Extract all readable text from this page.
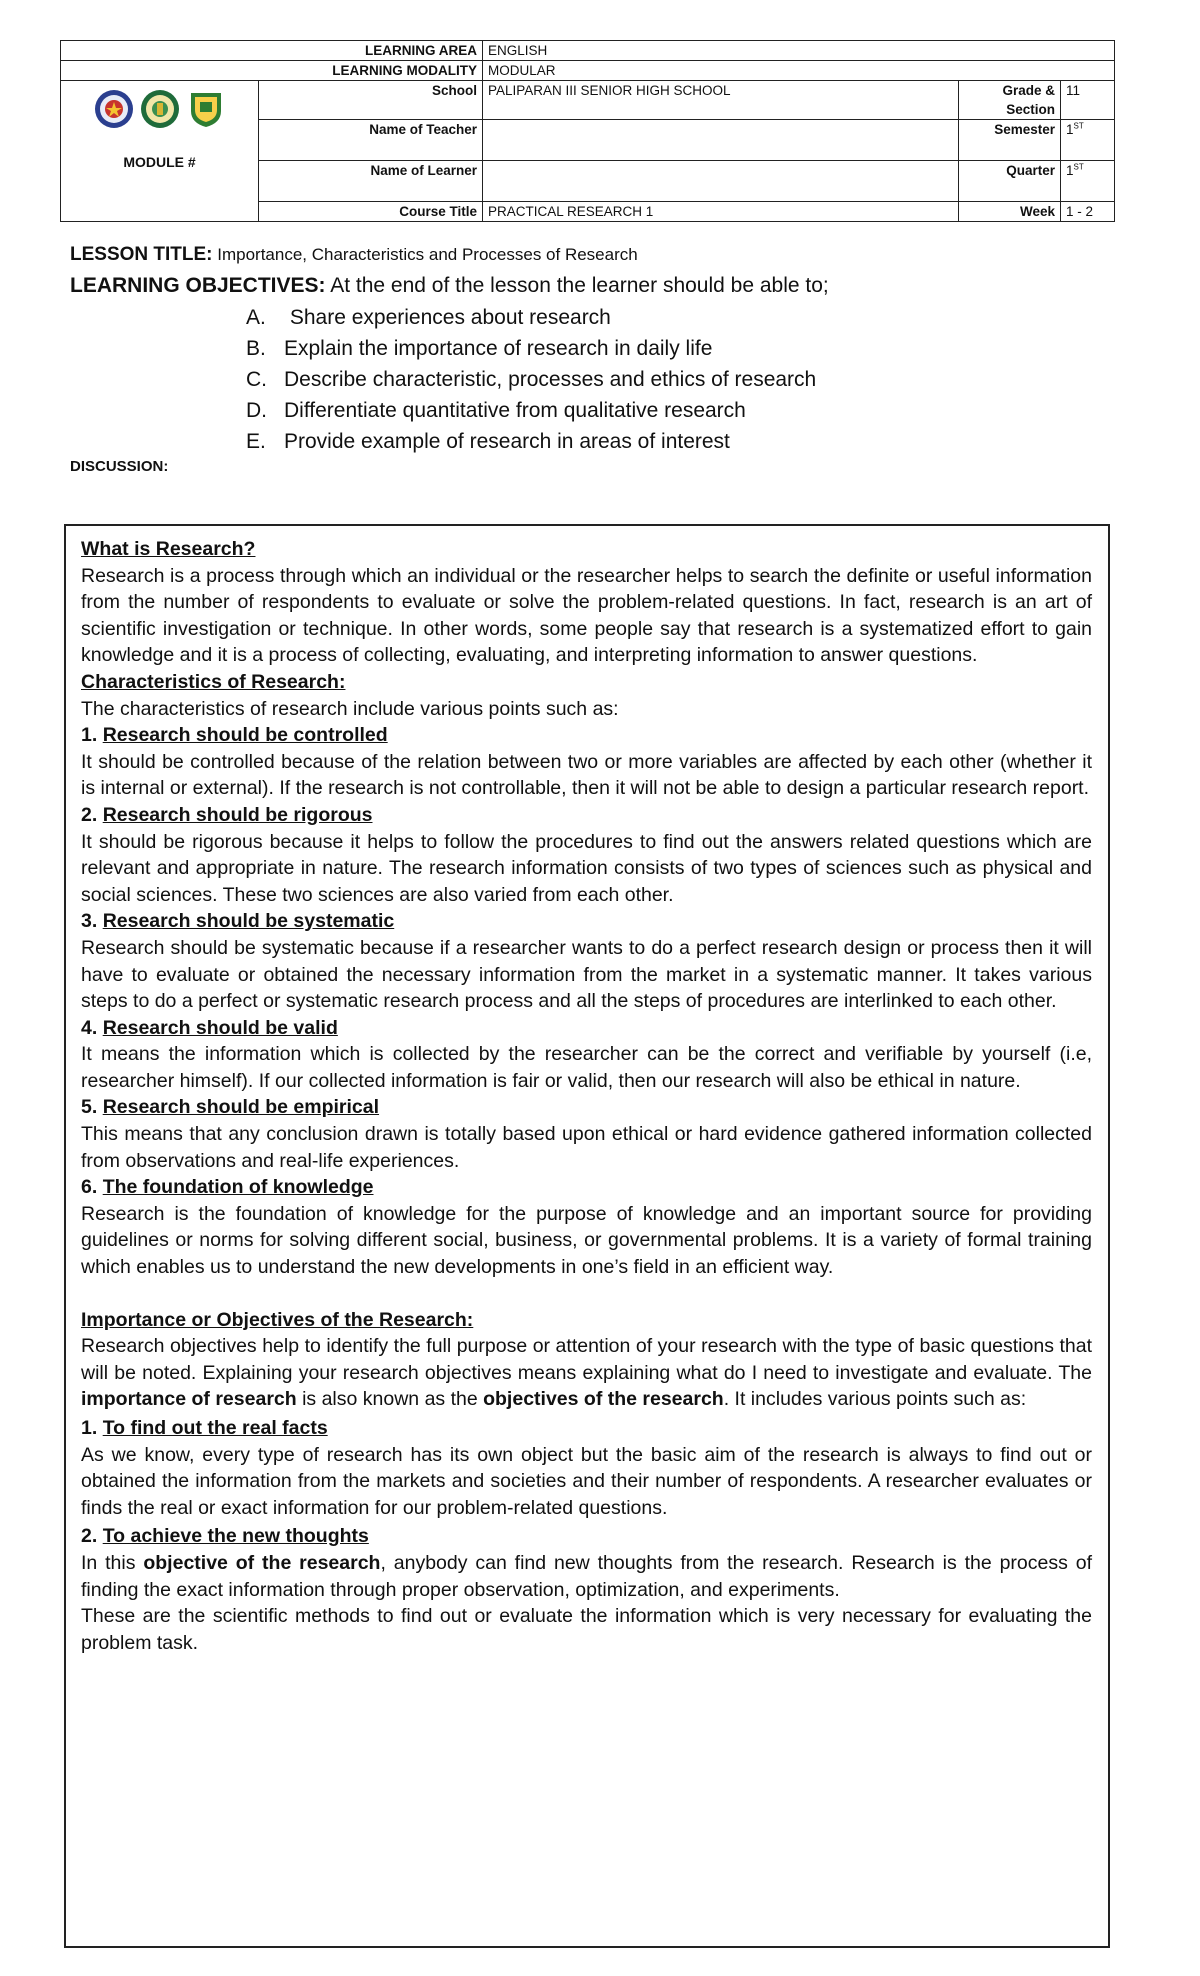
LEARNING AREA		ENGLISH		
LEARNING MODALITY		MODULAR		

MODULE #	School	PALIPARAN III SENIOR HIGH SCHOOL	Grade & Section	11
	Name of Teacher		Semester	1ST
	Name of Learner		Quarter	1ST
	Course Title	PRACTICAL RESEARCH 1	Week	1 - 2
LESSON TITLE: Importance, Characteristics and Processes of Research
LEARNING OBJECTIVES: At the end of the lesson the learner should be able to;
A. Share experiences about research
B. Explain the importance of research in daily life
C. Describe characteristic, processes and ethics of research
D. Differentiate quantitative from qualitative research
E. Provide example of research in areas of interest
DISCUSSION:
What is Research?

Research is a process through which an individual or the researcher helps to search the definite or useful information from the number of respondents to evaluate or solve the problem-related questions. In fact, research is an art of scientific investigation or technique. In other words, some people say that research is a systematized effort to gain knowledge and it is a process of collecting, evaluating, and interpreting information to answer questions.

Characteristics of Research:

The characteristics of research include various points such as:

1. Research should be controlled

It should be controlled because of the relation between two or more variables are affected by each other (whether it is internal or external). If the research is not controllable, then it will not be able to design a particular research report.

2. Research should be rigorous

It should be rigorous because it helps to follow the procedures to find out the answers related questions which are relevant and appropriate in nature. The research information consists of two types of sciences such as physical and social sciences. These two sciences are also varied from each other.

3. Research should be systematic

Research should be systematic because if a researcher wants to do a perfect research design or process then it will have to evaluate or obtained the necessary information from the market in a systematic manner. It takes various steps to do a perfect or systematic research process and all the steps of procedures are interlinked to each other.

4. Research should be valid

It means the information which is collected by the researcher can be the correct and verifiable by yourself (i.e, researcher himself). If our collected information is fair or valid, then our research will also be ethical in nature.

5. Research should be empirical

This means that any conclusion drawn is totally based upon ethical or hard evidence gathered information collected from observations and real-life experiences.

6. The foundation of knowledge

Research is the foundation of knowledge for the purpose of knowledge and an important source for providing guidelines or norms for solving different social, business, or governmental problems. It is a variety of formal training which enables us to understand the new developments in one’s field in an efficient way.

Importance or Objectives of the Research:

Research objectives help to identify the full purpose or attention of your research with the type of basic questions that will be noted. Explaining your research objectives means explaining what do I need to investigate and evaluate. The importance of research is also known as the objectives of the research. It includes various points such as:

1. To find out the real facts

As we know, every type of research has its own object but the basic aim of the research is always to find out or obtained the information from the markets and societies and their number of respondents. A researcher evaluates or finds the real or exact information for our problem-related questions.

2. To achieve the new thoughts

In this objective of the research, anybody can find new thoughts from the research. Research is the process of finding the exact information through proper observation, optimization, and experiments.

These are the scientific methods to find out or evaluate the information which is very necessary for evaluating the problem task.
